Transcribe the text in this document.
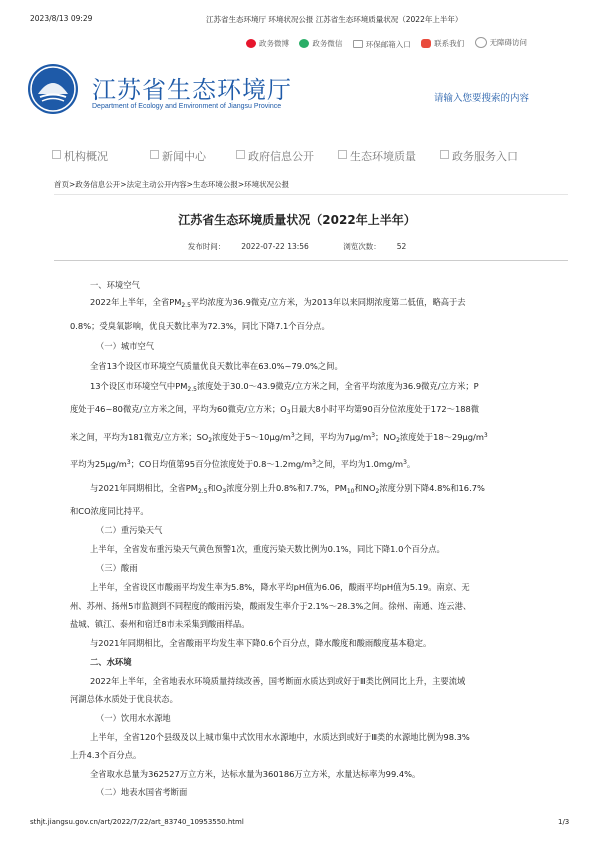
2023/8/13 09:29	江苏省生态环境厅 环境状况公报 江苏省生态环境质量状况（2022年上半年）
政务微博
	政务微信
	环保邮箱入口
	联系我们
	无障碍访问
江苏省生态环境厅
Department of Ecology and Environment of Jiangsu Province
请输入您要搜索的内容
机构概况	新闻中心	政府信息公开	生态环境质量	政务服务入口
首页>政务信息公开>法定主动公开内容>生态环境公报>环境状况公报
江苏省生态环境质量状况（2022年上半年）
发布时间： 2022-07-22 13:56	浏览次数： 52
一、环境空气
2022年上半年，全省$PM_{2.5}$平均浓度为36.9微克/立方米，为2013年以来同期浓度第二低值，略高于去
0.8%；受臭氧影响，优良天数比率为72.3%，同比下降7.1个百分点。
（一）城市空气
全省13个设区市环境空气质量优良天数比率在63.0%~79.0%之间。
13个设区市环境空气中$PM_{2.5}$浓度处于30.0～43.9微克/立方米之间，全省平均浓度为36.9微克/立方米；P
度处于46~80微克/立方米之间，平均为60微克/立方米；$O_3$日最大8小时平均第90百分位浓度处于172～188微
米之间，平均为181微克/立方米；$SO_2$浓度处于$5\sim 10\mu g/m^3$之间，平均为$7\mu g/m^3$；$NO_2$浓度处于$18\sim 29\mu g/m^3$
平均为$25\mu g/m^3$；CO日均值第95百分位浓度处于$0.8\sim 1.2mg/m^3$之间，平均为$1.0mg/m^3$。
与2021年同期相比，全省$PM_{2.5}$和$O_3$浓度分别上升0.8%和7.7%，$PM_{10}$和$NO_2$浓度分别下降4.8%和16.7%
和CO浓度同比持平。
（二）重污染天气
上半年，全省发布重污染天气黄色预警1次，重度污染天数比例为0.1%，同比下降1.0个百分点。
（三）酸雨
上半年，全省设区市酸雨平均发生率为5.8%，降水平均pH值为6.06，酸雨平均pH值为5.19。南京、无
州、苏州、扬州5市监测到不同程度的酸雨污染，酸雨发生率介于2.1%～28.3%之间。徐州、南通、连云港、
盐城、镇江、泰州和宿迁8市未采集到酸雨样品。
与2021年同期相比，全省酸雨平均发生率下降0.6个百分点，降水酸度和酸雨酸度基本稳定。
二、水环境
2022年上半年，全省地表水环境质量持续改善，国考断面水质达到或好于Ⅲ类比例同比上升，主要流域
河湖总体水质处于优良状态。
（一）饮用水水源地
上半年，全省120个县级及以上城市集中式饮用水水源地中，水质达到或好于Ⅲ类的水源地比例为98.3%
上升4.3个百分点。
全省取水总量为362527万立方米，达标水量为360186万立方米，水量达标率为99.4%。
（二）地表水国省考断面
sthjt.jiangsu.gov.cn/art/2022/7/22/art_83740_10953550.html	1/3
